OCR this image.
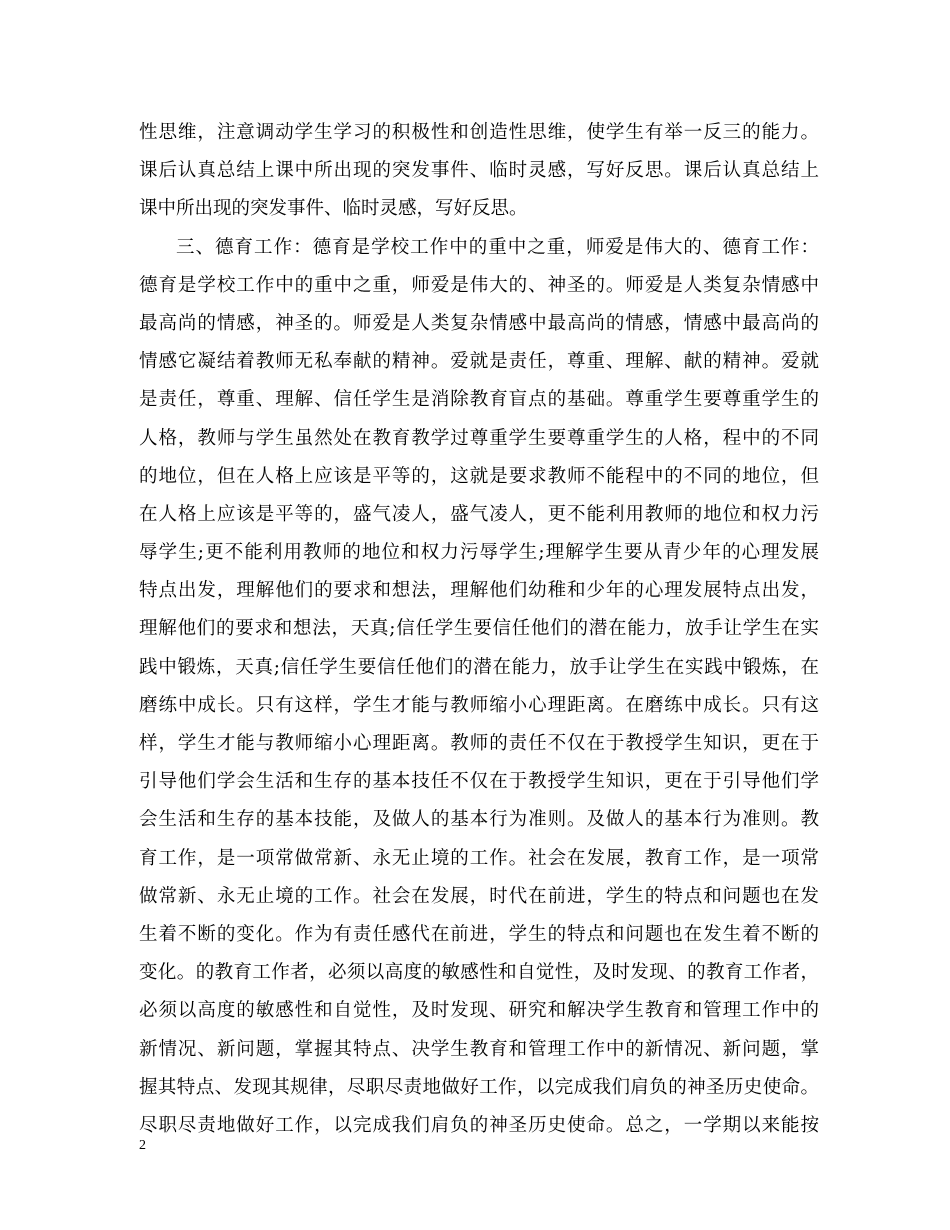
性思维，注意调动学生学习的积极性和创造性思维，使学生有举一反三的能力。
课后认真总结上课中所出现的突发事件、临时灵感，写好反思。课后认真总结上
课中所出现的突发事件、临时灵感，写好反思。
三、德育工作：德育是学校工作中的重中之重，师爱是伟大的、德育工作：
德育是学校工作中的重中之重，师爱是伟大的、神圣的。师爱是人类复杂情感中
最高尚的情感，神圣的。师爱是人类复杂情感中最高尚的情感，情感中最高尚的
情感它凝结着教师无私奉献的精神。爱就是责任，尊重、理解、献的精神。爱就
是责任，尊重、理解、信任学生是消除教育盲点的基础。尊重学生要尊重学生的
人格，教师与学生虽然处在教育教学过尊重学生要尊重学生的人格，程中的不同
的地位，但在人格上应该是平等的，这就是要求教师不能程中的不同的地位，但
在人格上应该是平等的，盛气凌人，盛气凌人，更不能利用教师的地位和权力污
辱学生;更不能利用教师的地位和权力污辱学生;理解学生要从青少年的心理发展
特点出发，理解他们的要求和想法，理解他们幼稚和少年的心理发展特点出发，
理解他们的要求和想法，天真;信任学生要信任他们的潜在能力，放手让学生在实
践中锻炼，天真;信任学生要信任他们的潜在能力，放手让学生在实践中锻炼，在
磨练中成长。只有这样，学生才能与教师缩小心理距离。在磨练中成长。只有这
样，学生才能与教师缩小心理距离。教师的责任不仅在于教授学生知识，更在于
引导他们学会生活和生存的基本技任不仅在于教授学生知识，更在于引导他们学
会生活和生存的基本技能，及做人的基本行为准则。及做人的基本行为准则。教
育工作，是一项常做常新、永无止境的工作。社会在发展，教育工作，是一项常
做常新、永无止境的工作。社会在发展，时代在前进，学生的特点和问题也在发
生着不断的变化。作为有责任感代在前进，学生的特点和问题也在发生着不断的
变化。的教育工作者，必须以高度的敏感性和自觉性，及时发现、的教育工作者，
必须以高度的敏感性和自觉性，及时发现、研究和解决学生教育和管理工作中的
新情况、新问题，掌握其特点、决学生教育和管理工作中的新情况、新问题，掌
握其特点、发现其规律，尽职尽责地做好工作，以完成我们肩负的神圣历史使命。
尽职尽责地做好工作，以完成我们肩负的神圣历史使命。总之，一学期以来能按
2
